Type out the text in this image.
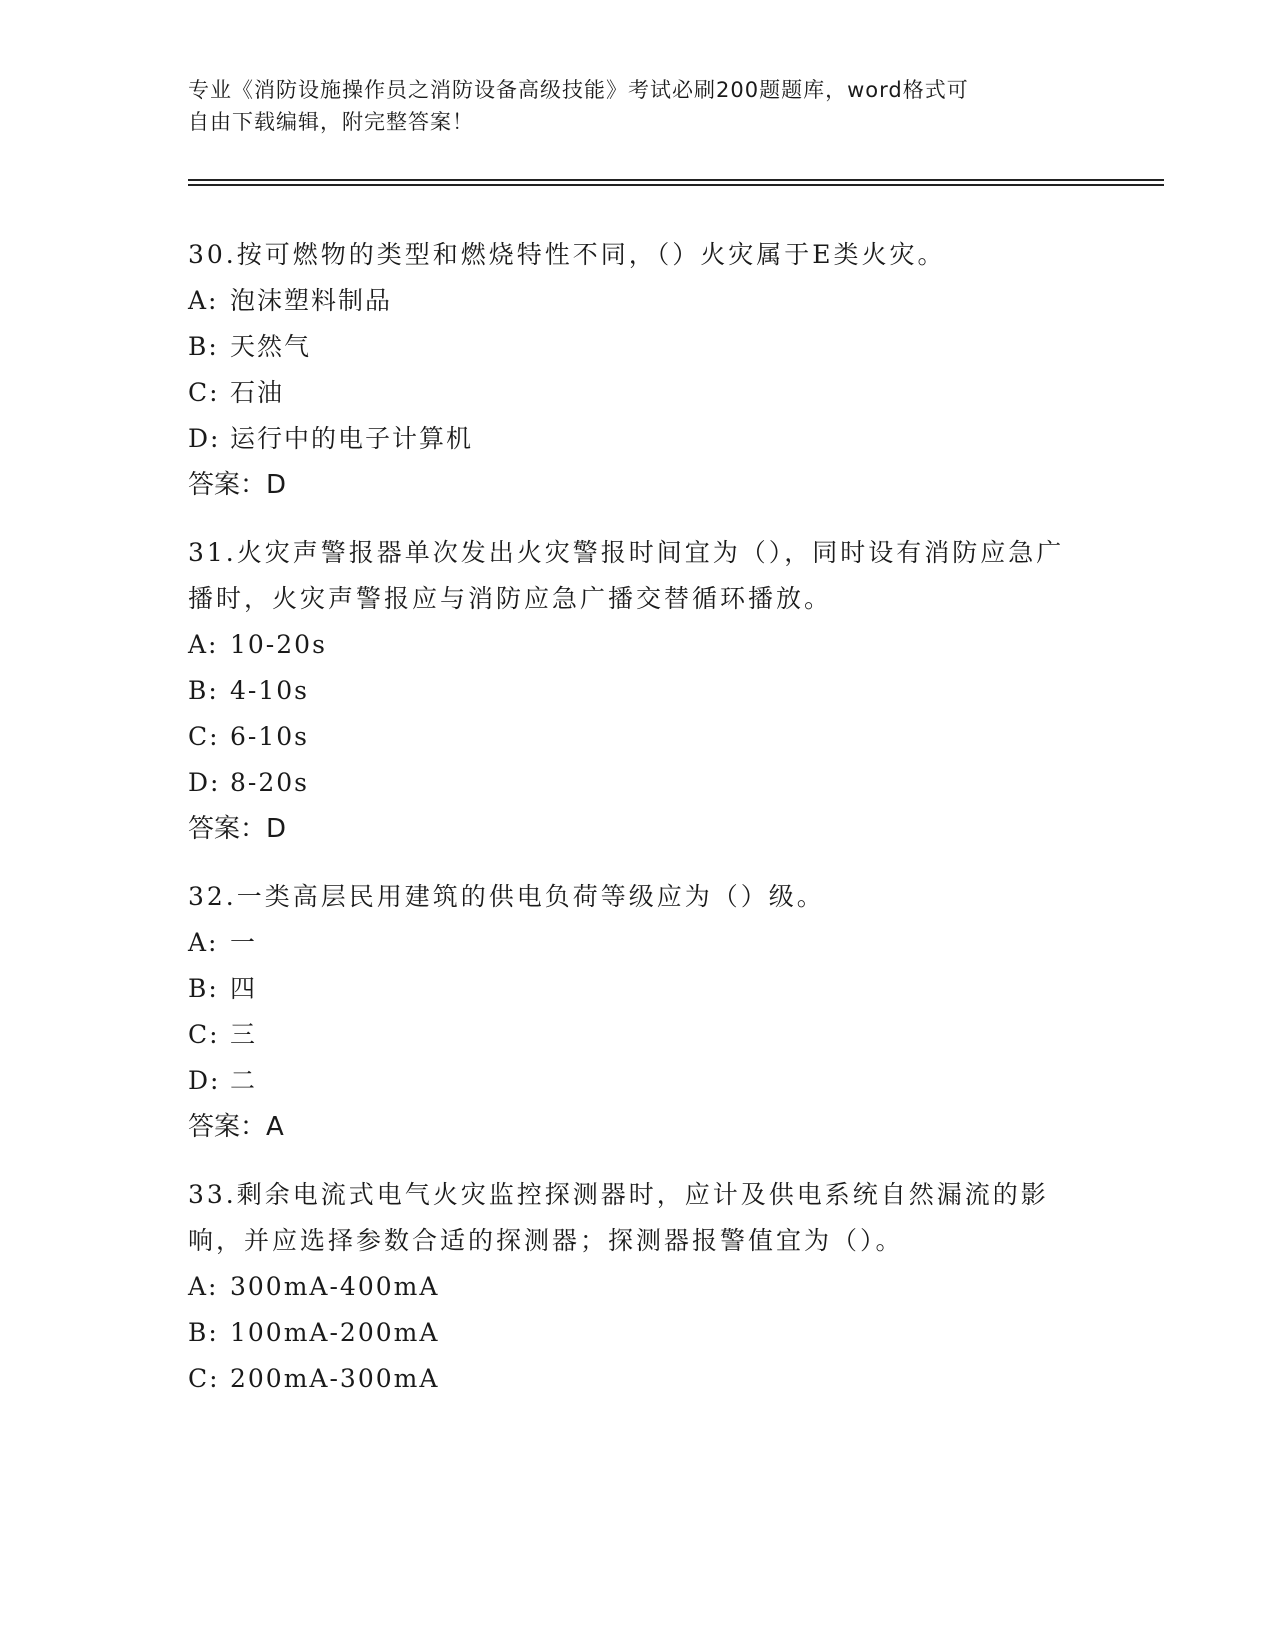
专业《消防设施操作员之消防设备高级技能》考试必刷200题题库，word格式可
自由下载编辑，附完整答案！

30.按可燃物的类型和燃烧特性不同，（）火灾属于E类火灾。

A: 泡沫塑料制品

B: 天然气

C: 石油

D: 运行中的电子计算机

答案：D

31.火灾声警报器单次发出火灾警报时间宜为（），同时设有消防应急广播时，火灾声警报应与消防应急广播交替循环播放。

A: 10-20s

B: 4-10s

C: 6-10s

D: 8-20s

答案：D

32.一类高层民用建筑的供电负荷等级应为（）级。

A: 一

B: 四

C: 三

D: 二

答案：A

33.剩余电流式电气火灾监控探测器时，应计及供电系统自然漏流的影响，并应选择参数合适的探测器；探测器报警值宜为（）。

A: 300mA-400mA

B: 100mA-200mA

C: 200mA-300mA
